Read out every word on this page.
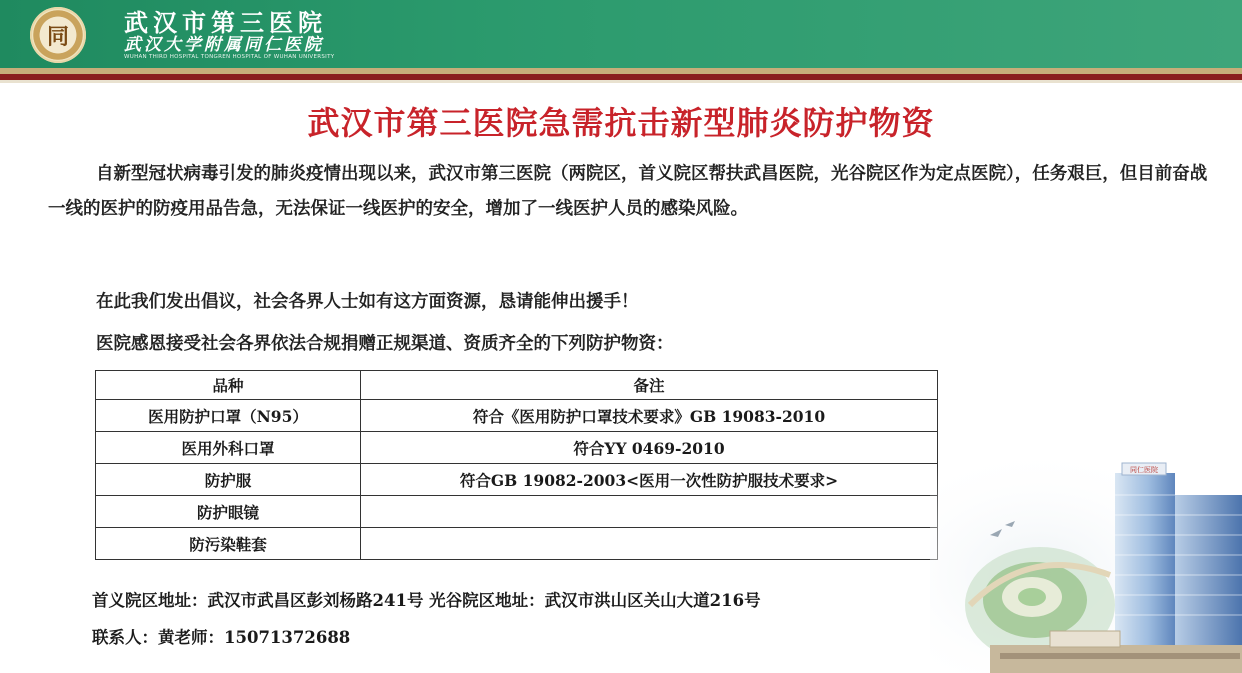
同 武汉市第三医院
武汉大学附属同仁医院
WUHAN THIRD HOSPITAL TONGREN HOSPITAL OF WUHAN UNIVERSITY
武汉市第三医院急需抗击新型肺炎防护物资

自新型冠状病毒引发的肺炎疫情出现以来，武汉市第三医院（两院区，首义院区帮扶武昌医院，光谷院区作为定点医院），任务艰巨，但目前奋战一线的医护的防疫用品告急，无法保证一线医护的安全，增加了一线医护人员的感染风险。

在此我们发出倡议，社会各界人士如有这方面资源，恳请能伸出援手！

医院感恩接受社会各界依法合规捐赠正规渠道、资质齐全的下列防护物资：

品种	备注
医用防护口罩（N95）	符合《医用防护口罩技术要求》GB 19083-2010
医用外科口罩	符合YY 0469-2010
防护服	符合GB 19082-2003<医用一次性防护服技术要求>
防护眼镜	
防污染鞋套	
首义院区地址：武汉市武昌区彭刘杨路241号 光谷院区地址：武汉市洪山区关山大道216号
联系人：黄老师：15071372688
同仁医院
